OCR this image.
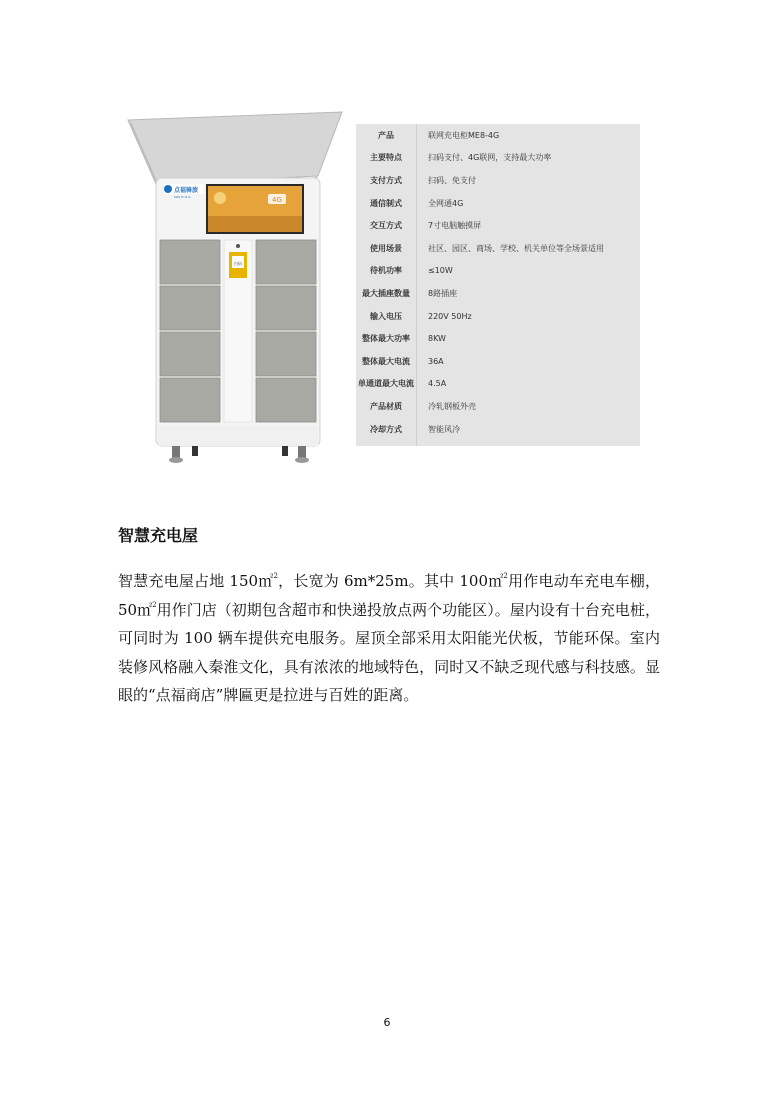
点福骑旅
DIAN FU QI LV	4G
扫码
产品	联网充电柜ME8-4G
主要特点	扫码支付、4G联网，支持最大功率
支付方式	扫码、免支付
通信制式	全网通4G
交互方式	7寸电脑触摸屏
使用场景	社区、园区、商场、学校、机关单位等全场景适用
待机功率	≤10W
最大插座数量	8路插座
输入电压	220V 50Hz
整体最大功率	8KW
整体最大电流	36A
单通道最大电流	4.5A
产品材质	冷轧钢板外壳
冷却方式	智能风冷
智慧充电屋
智慧充电屋占地 150㎡$^2$，长宽为 6m*25m。其中 100㎡$^2$用作电动车充电车棚，50㎡$^2$用作门店（初期包含超市和快递投放点两个功能区）。屋内设有十台充电桩，可同时为 100 辆车提供充电服务。屋顶全部采用太阳能光伏板，节能环保。室内装修风格融入秦淮文化，具有浓浓的地域特色，同时又不缺乏现代感与科技感。显眼的“点福商店”牌匾更是拉进与百姓的距离。
6
